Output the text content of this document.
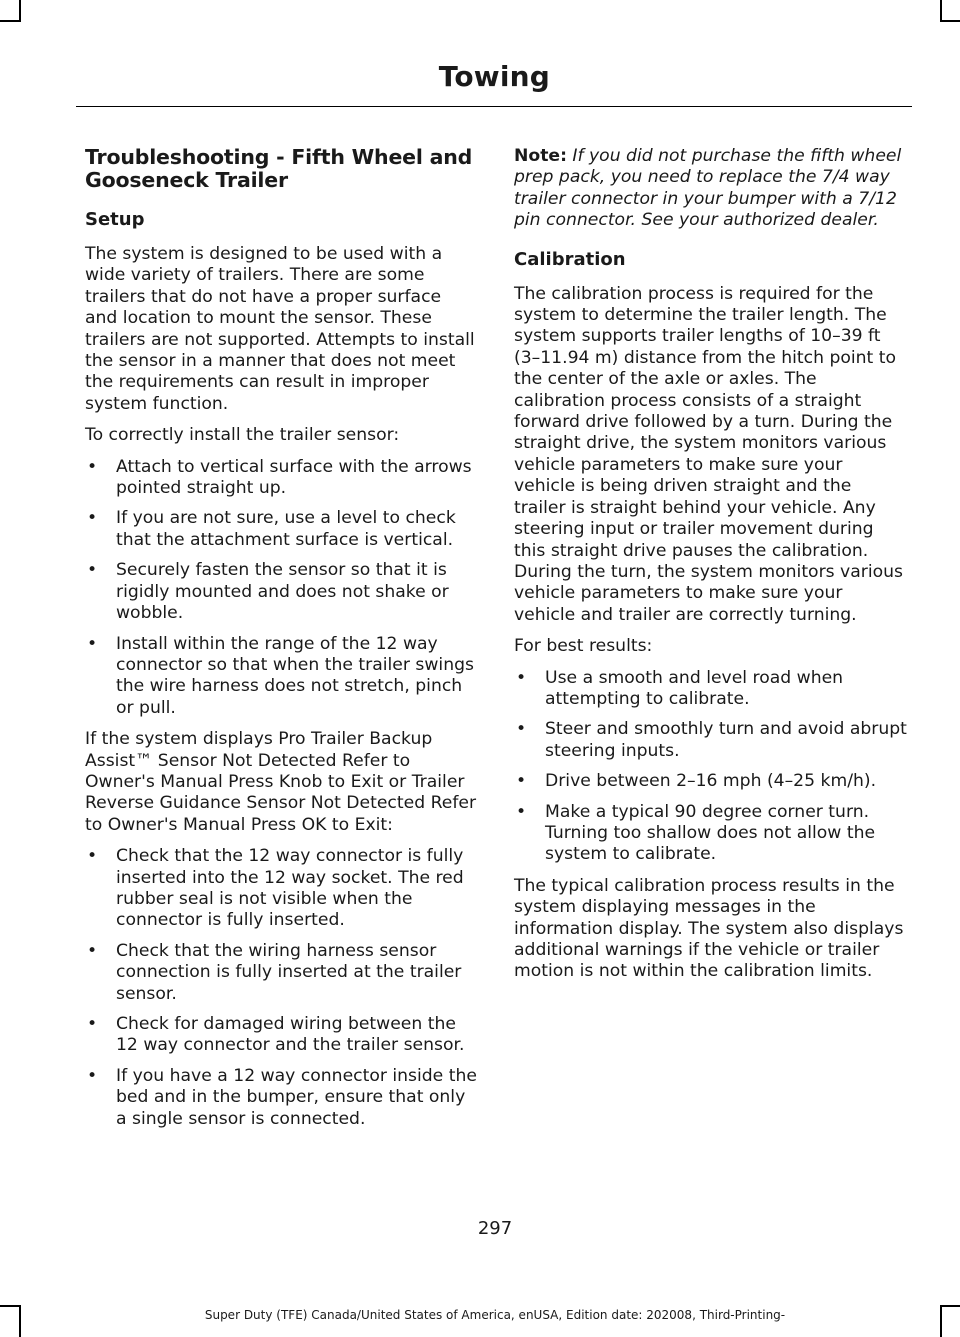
Towing
Troubleshooting - Fifth Wheel and Gooseneck Trailer
Setup

The system is designed to be used with a wide variety of trailers. There are some trailers that do not have a proper surface and location to mount the sensor. These trailers are not supported. Attempts to install the sensor in a manner that does not meet the requirements can result in improper system function.

To correctly install the trailer sensor:

• Attach to vertical surface with the arrows pointed straight up.
• If you are not sure, use a level to check that the attachment surface is vertical.
• Securely fasten the sensor so that it is rigidly mounted and does not shake or wobble.
• Install within the range of the 12 way connector so that when the trailer swings the wire harness does not stretch, pinch or pull.

If the system displays Pro Trailer Backup Assist™ Sensor Not Detected Refer to Owner's Manual Press Knob to Exit or Trailer Reverse Guidance Sensor Not Detected Refer to Owner's Manual Press OK to Exit:

• Check that the 12 way connector is fully inserted into the 12 way socket. The red rubber seal is not visible when the connector is fully inserted.
• Check that the wiring harness sensor connection is fully inserted at the trailer sensor.
• Check for damaged wiring between the 12 way connector and the trailer sensor.
• If you have a 12 way connector inside the bed and in the bumper, ensure that only a single sensor is connected.

Note: If you did not purchase the fifth wheel prep pack, you need to replace the 7/4 way trailer connector in your bumper with a 7/12 pin connector. See your authorized dealer.

Calibration

The calibration process is required for the system to determine the trailer length. The system supports trailer lengths of 10–39 ft (3–11.94 m) distance from the hitch point to the center of the axle or axles. The calibration process consists of a straight forward drive followed by a turn. During the straight drive, the system monitors various vehicle parameters to make sure your vehicle is being driven straight and the trailer is straight behind your vehicle. Any steering input or trailer movement during this straight drive pauses the calibration. During the turn, the system monitors various vehicle parameters to make sure your vehicle and trailer are correctly turning.

For best results:

• Use a smooth and level road when attempting to calibrate.
• Steer and smoothly turn and avoid abrupt steering inputs.
• Drive between 2–16 mph (4–25 km/h).
• Make a typical 90 degree corner turn. Turning too shallow does not allow the system to calibrate.

The typical calibration process results in the system displaying messages in the information display. The system also displays additional warnings if the vehicle or trailer motion is not within the calibration limits.

297
Super Duty (TFE) Canada/United States of America, enUSA, Edition date: 202008, Third-Printing-
